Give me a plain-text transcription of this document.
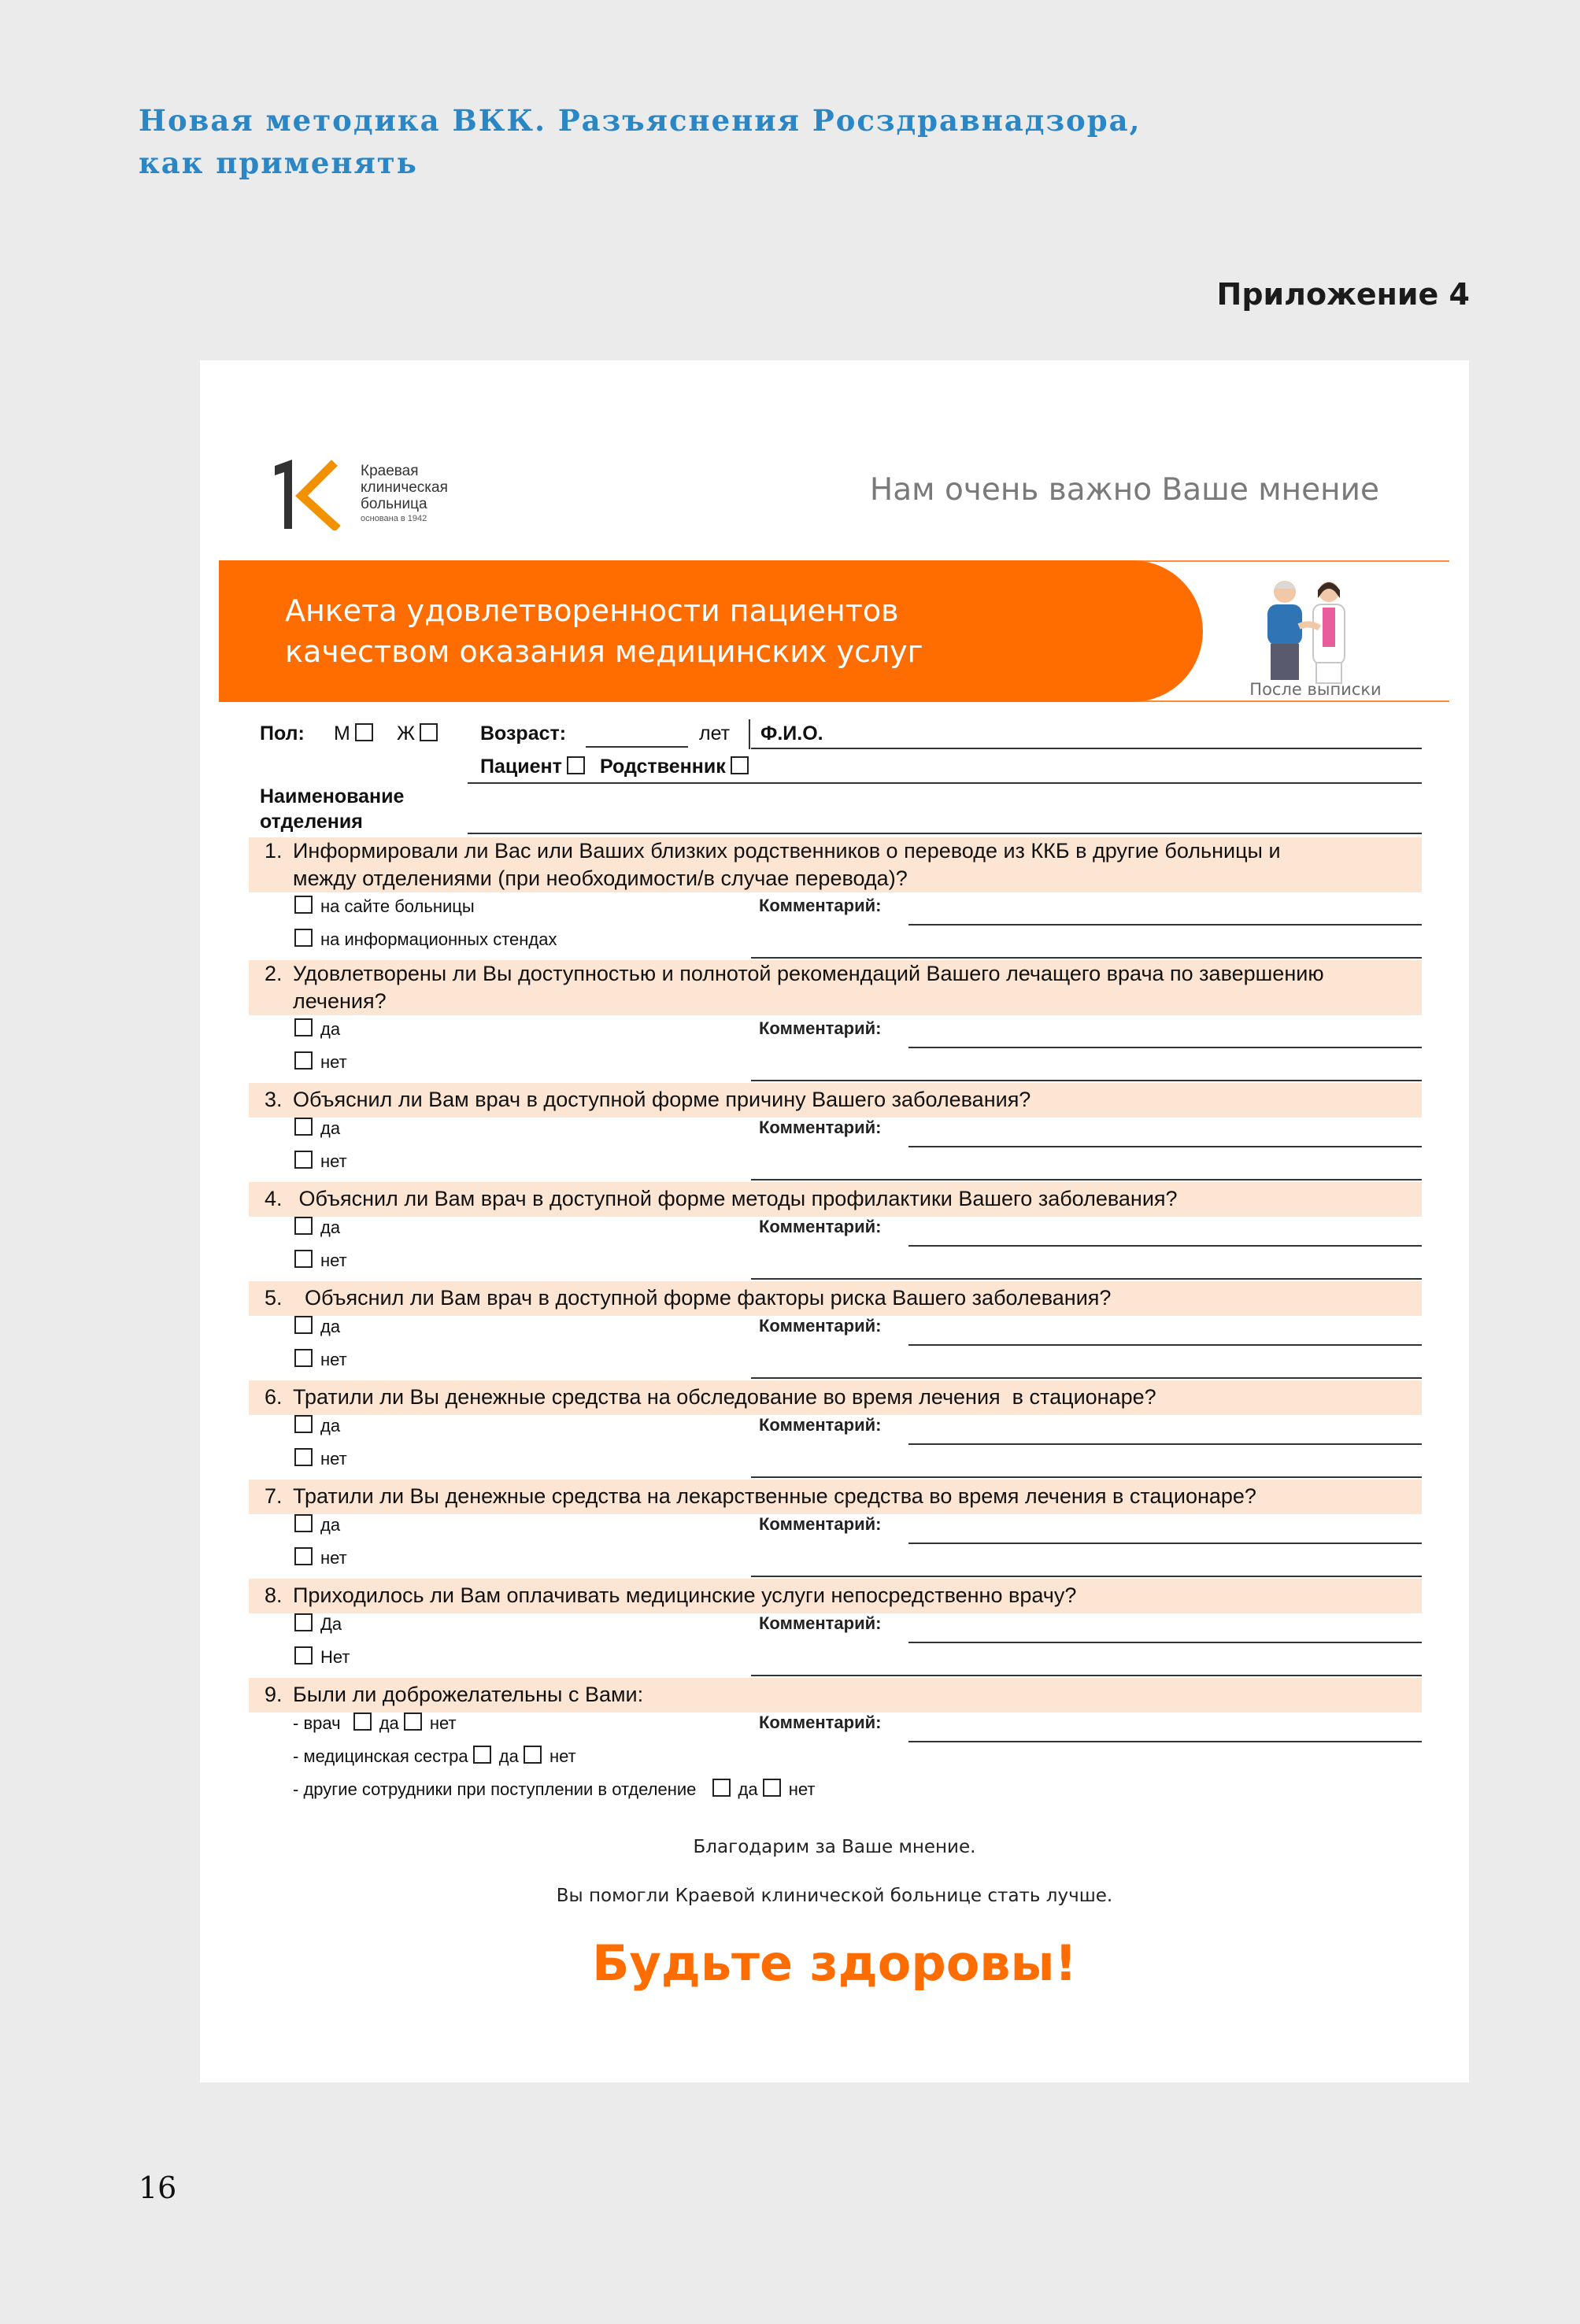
Новая методика ВКК. Разъяснения Росздравнадзора,
как применять
Приложение 4
Краевая
клиническая
больница
основана в 1942
Нам очень важно Ваше мнение
Анкета удовлетворенности пациентов
качеством оказания медицинских услуг
После выписки
Пол: М	Ж	Возраст:	лет Ф.И.О.
Пациент	Родственник
Наименование
отделения
1. Информировали ли Вас или Ваших близких родственников о переводе из ККБ в другие больницы и
между отделениями (при необходимости/в случае перевода)?
на сайте больницы
на информационных стендах
Комментарий:
2. Удовлетворены ли Вы доступностью и полнотой рекомендаций Вашего лечащего врача по завершению
лечения?
да
нет
Комментарий:
3. Объяснил ли Вам врач в доступной форме причину Вашего заболевания?
да
нет
Комментарий:
4. Объяснил ли Вам врач в доступной форме методы профилактики Вашего заболевания?
да
нет
Комментарий:
5. Объяснил ли Вам врач в доступной форме факторы риска Вашего заболевания?
да
нет
Комментарий:
6. Тратили ли Вы денежные средства на обследование во время лечения  в стационаре?
да
нет
Комментарий:
7. Тратили ли Вы денежные средства на лекарственные средства во время лечения в стационаре?
да
нет
Комментарий:
8. Приходилось ли Вам оплачивать медицинские услуги непосредственно врачу?
Да
Нет
Комментарий:
9. Были ли доброжелательны с Вами:
- врач да нет
- медицинская сестра да нет
- другие сотрудники при поступлении в отделение да нет
Комментарий:
Благодарим за Ваше мнение.
Вы помогли Краевой клинической больнице стать лучше.
Будьте здоровы!
16
